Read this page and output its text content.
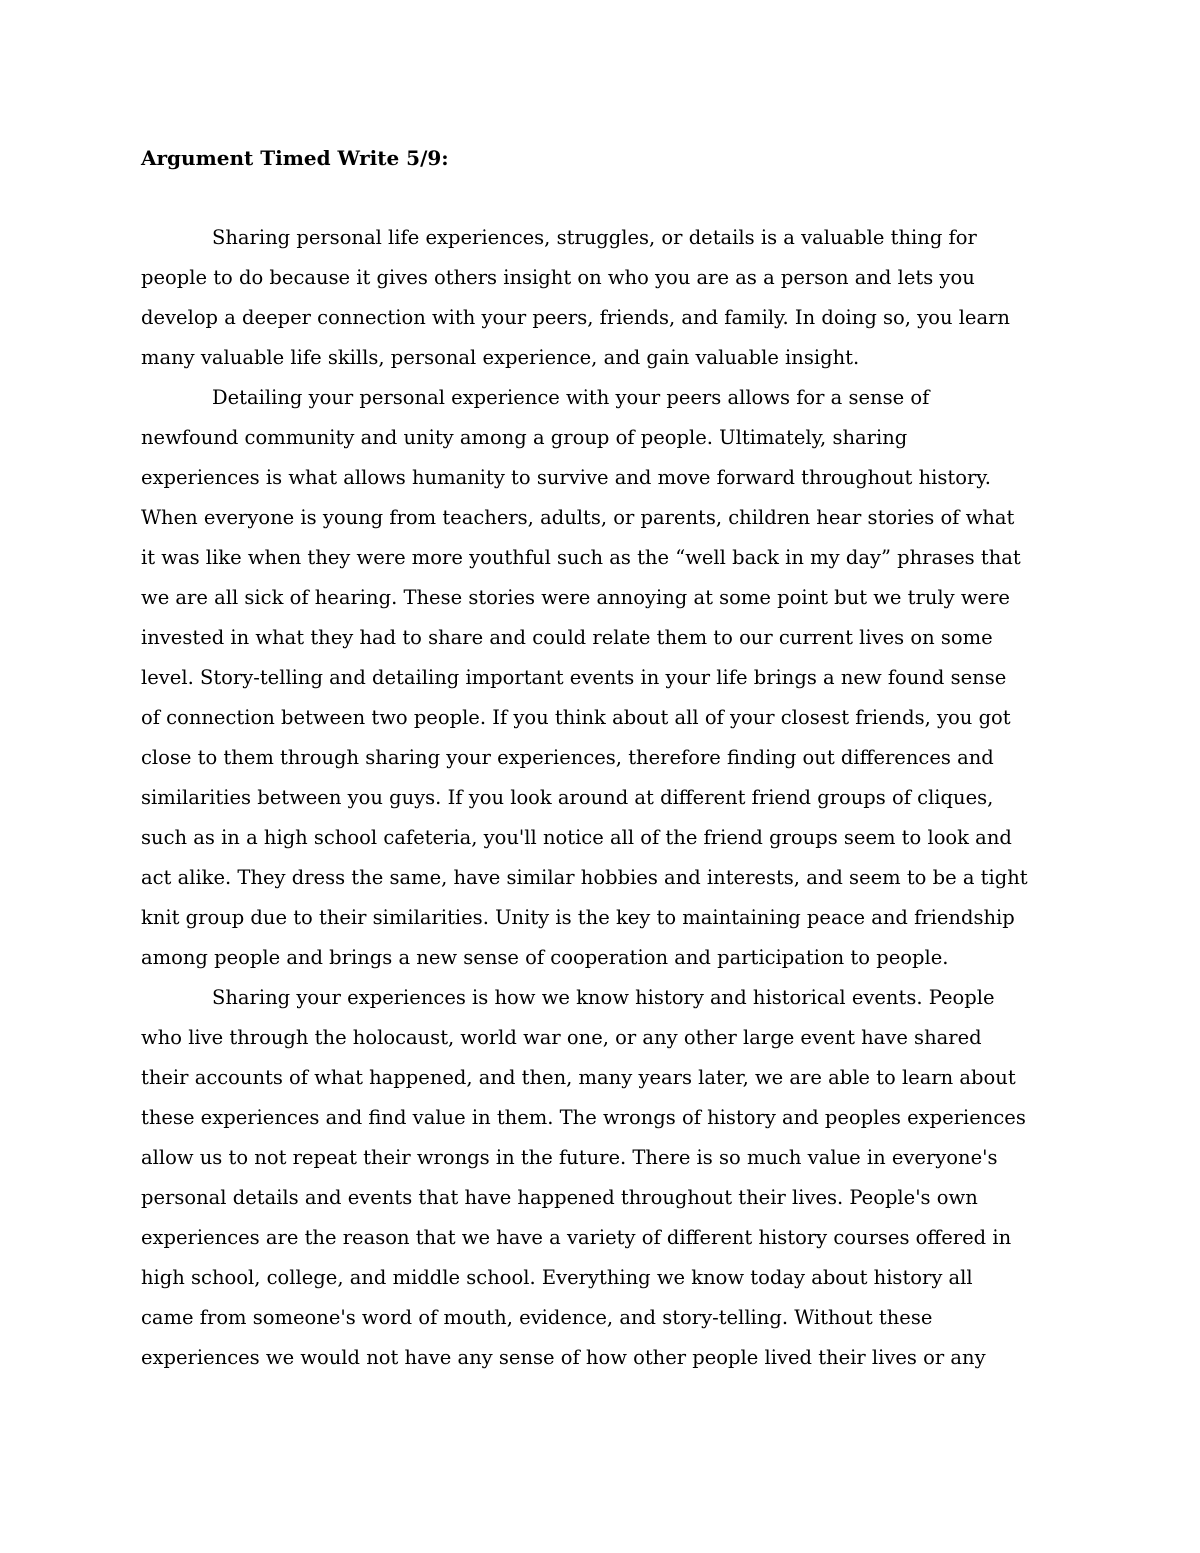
Argument Timed Write 5/9:
Sharing personal life experiences, struggles, or details is a valuable thing for
people to do because it gives others insight on who you are as a person and lets you
develop a deeper connection with your peers, friends, and family. In doing so, you learn
many valuable life skills, personal experience, and gain valuable insight.
Detailing your personal experience with your peers allows for a sense of
newfound community and unity among a group of people. Ultimately, sharing
experiences is what allows humanity to survive and move forward throughout history.
When everyone is young from teachers, adults, or parents, children hear stories of what
it was like when they were more youthful such as the “well back in my day” phrases that
we are all sick of hearing. These stories were annoying at some point but we truly were
invested in what they had to share and could relate them to our current lives on some
level. Story-telling and detailing important events in your life brings a new found sense
of connection between two people. If you think about all of your closest friends, you got
close to them through sharing your experiences, therefore finding out differences and
similarities between you guys. If you look around at different friend groups of cliques,
such as in a high school cafeteria, you'll notice all of the friend groups seem to look and
act alike. They dress the same, have similar hobbies and interests, and seem to be a tight
knit group due to their similarities. Unity is the key to maintaining peace and friendship
among people and brings a new sense of cooperation and participation to people.
Sharing your experiences is how we know history and historical events. People
who live through the holocaust, world war one, or any other large event have shared
their accounts of what happened, and then, many years later, we are able to learn about
these experiences and find value in them. The wrongs of history and peoples experiences
allow us to not repeat their wrongs in the future. There is so much value in everyone's
personal details and events that have happened throughout their lives. People's own
experiences are the reason that we have a variety of different history courses offered in
high school, college, and middle school. Everything we know today about history all
came from someone's word of mouth, evidence, and story-telling. Without these
experiences we would not have any sense of how other people lived their lives or any
